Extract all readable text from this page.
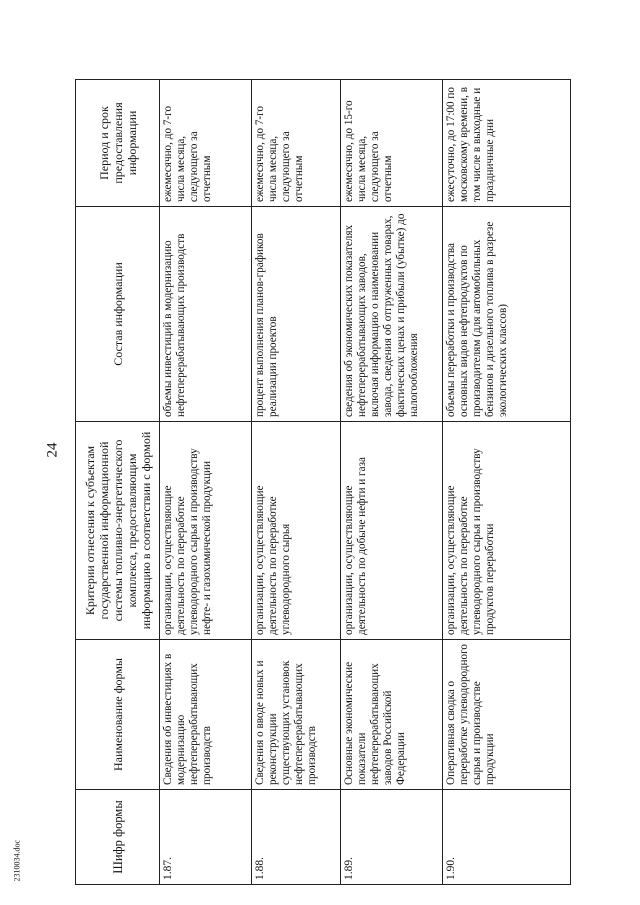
24
Шифр формы	Наименование формы	Критерии отнесения к субъектам государственной информационной системы топливно-энергетического комплекса, предоставляющим информацию в соответствии с формой	Состав информации	Период и срок предоставления информации
1.87.	Сведения об инвестициях в модернизацию нефтеперерабатывающих производств	организации, осуществляющие деятельность по переработке углеводородного сырья и производству нефте- и газохимической продукции	объемы инвестиций в модернизацию нефтеперерабатывающих производств	ежемесячно, до 7-го числа месяца, следующего за отчетным
1.88.	Сведения о вводе новых и реконструкции существующих установок нефтеперерабатывающих производств	организации, осуществляющие деятельность по переработке углеводородного сырья	процент выполнения планов-графиков реализации проектов	ежемесячно, до 7-го числа месяца, следующего за отчетным
1.89.	Основные экономические показатели нефтеперерабатывающих заводов Российской Федерации	организации, осуществляющие деятельность по добыче нефти и газа	сведения об экономических показателях нефтеперерабатывающих заводов, включая информацию о наименовании завода, сведения об отгруженных товарах, фактических ценах и прибыли (убытке) до налогообложения	ежемесячно, до 15-го числа месяца, следующего за отчетным
1.90.	Оперативная сводка о переработке углеводородного сырья и производстве продукции	организации, осуществляющие деятельность по переработке углеводородного сырья и производству продуктов переработки	объемы переработки и производства основных видов нефтепродуктов по производителям (для автомобильных бензинов и дизельного топлива в разрезе экологических классов)	ежесуточно, до 17:00 по московскому времени, в том числе в выходные и праздничные дни
2310034.doc
